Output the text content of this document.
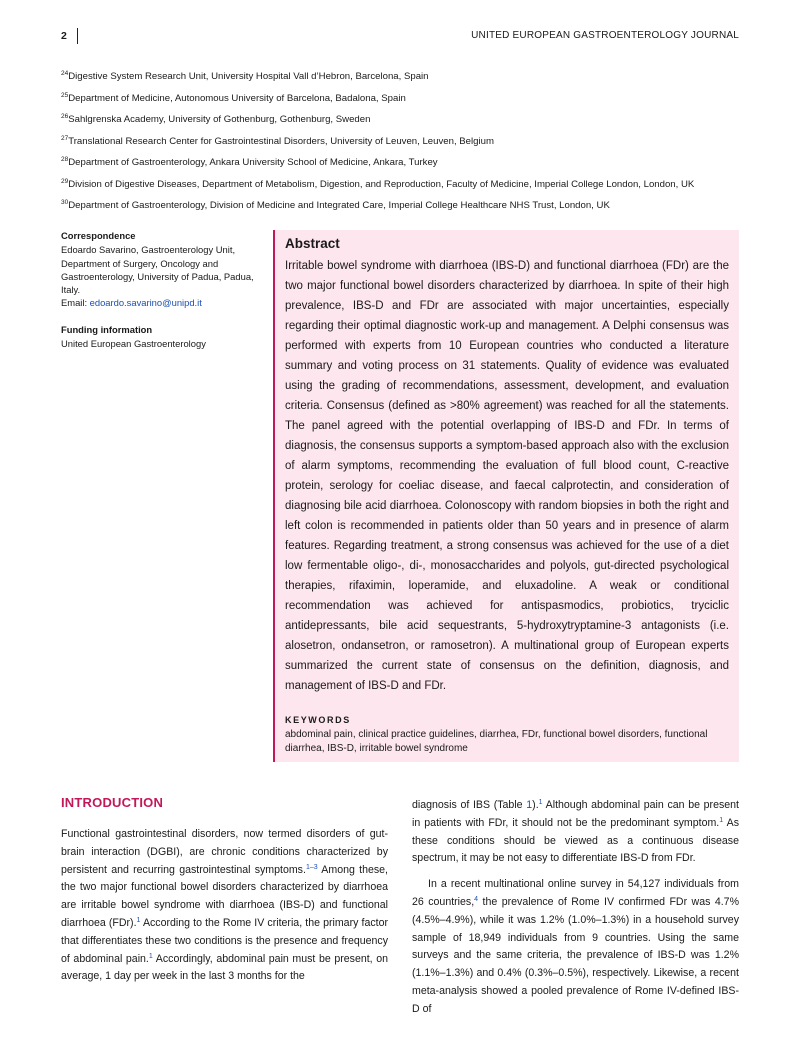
2	UNITED EUROPEAN GASTROENTEROLOGY JOURNAL
$^{24}$Digestive System Research Unit, University Hospital Vall d’Hebron, Barcelona, Spain
$^{25}$Department of Medicine, Autonomous University of Barcelona, Badalona, Spain
$^{26}$Sahlgrenska Academy, University of Gothenburg, Gothenburg, Sweden
$^{27}$Translational Research Center for Gastrointestinal Disorders, University of Leuven, Leuven, Belgium
$^{28}$Department of Gastroenterology, Ankara University School of Medicine, Ankara, Turkey
$^{29}$Division of Digestive Diseases, Department of Metabolism, Digestion, and Reproduction, Faculty of Medicine, Imperial College London, London, UK
$^{30}$Department of Gastroenterology, Division of Medicine and Integrated Care, Imperial College Healthcare NHS Trust, London, UK
Correspondence

Edoardo Savarino, Gastroenterology Unit,

Department of Surgery, Oncology and

Gastroenterology, University of Padua, Padua,

Italy.

Email: edoardo.savarino@unipd.it

Funding information

United European Gastroenterology

Abstract

Irritable bowel syndrome with diarrhoea (IBS-D) and functional diarrhoea (FDr) are the two major functional bowel disorders characterized by diarrhoea. In spite of their high prevalence, IBS-D and FDr are associated with major uncertainties, especially regarding their optimal diagnostic work-up and management. A Delphi consensus was performed with experts from 10 European countries who conducted a literature summary and voting process on 31 statements. Quality of evidence was evaluated using the grading of recommendations, assessment, development, and evaluation criteria. Consensus (defined as >80% agreement) was reached for all the statements. The panel agreed with the potential overlapping of IBS-D and FDr. In terms of diagnosis, the consensus supports a symptom-based approach also with the exclusion of alarm symptoms, recommending the evaluation of full blood count, C-reactive protein, serology for coeliac disease, and faecal calprotectin, and consideration of diagnosing bile acid diarrhoea. Colonoscopy with random biopsies in both the right and left colon is recommended in patients older than 50 years and in presence of alarm features. Regarding treatment, a strong consensus was achieved for the use of a diet low fermentable oligo-, di-, monosaccharides and polyols, gut-directed psychological therapies, rifaximin, loperamide, and eluxadoline. A weak or conditional recommendation was achieved for antispasmodics, probiotics, tryciclic antidepressants, bile acid sequestrants, 5-hydroxytryptamine-3 antagonists (i.e. alosetron, ondansetron, or ramosetron). A multinational group of European experts summarized the current state of consensus on the definition, diagnosis, and management of IBS-D and FDr.

KEYWORDS
abdominal pain, clinical practice guidelines, diarrhea, FDr, functional bowel disorders, functional diarrhea, IBS-D, irritable bowel syndrome
INTRODUCTION

Functional gastrointestinal disorders, now termed disorders of gut-brain interaction (DGBI), are chronic conditions characterized by persistent and recurring gastrointestinal symptoms.$^{1-3}$ Among these, the two major functional bowel disorders characterized by diarrhoea are irritable bowel syndrome with diarrhoea (IBS-D) and functional diarrhoea (FDr).$^1$ According to the Rome IV criteria, the primary factor that differentiates these two conditions is the presence and frequency of abdominal pain.$^1$ Accordingly, abdominal pain must be present, on average, 1 day per week in the last 3 months for the

diagnosis of IBS (Table 1).$^1$ Although abdominal pain can be present in patients with FDr, it should not be the predominant symptom.$^1$ As these conditions should be viewed as a continuous disease spectrum, it may be not easy to differentiate IBS-D from FDr.

In a recent multinational online survey in 54,127 individuals from 26 countries,$^4$ the prevalence of Rome IV confirmed FDr was 4.7% (4.5%–4.9%), while it was 1.2% (1.0%–1.3%) in a household survey sample of 18,949 individuals from 9 countries. Using the same surveys and the same criteria, the prevalence of IBS-D was 1.2% (1.1%–1.3%) and 0.4% (0.3%–0.5%), respectively. Likewise, a recent meta-analysis showed a pooled prevalence of Rome IV-defined IBS-D of
